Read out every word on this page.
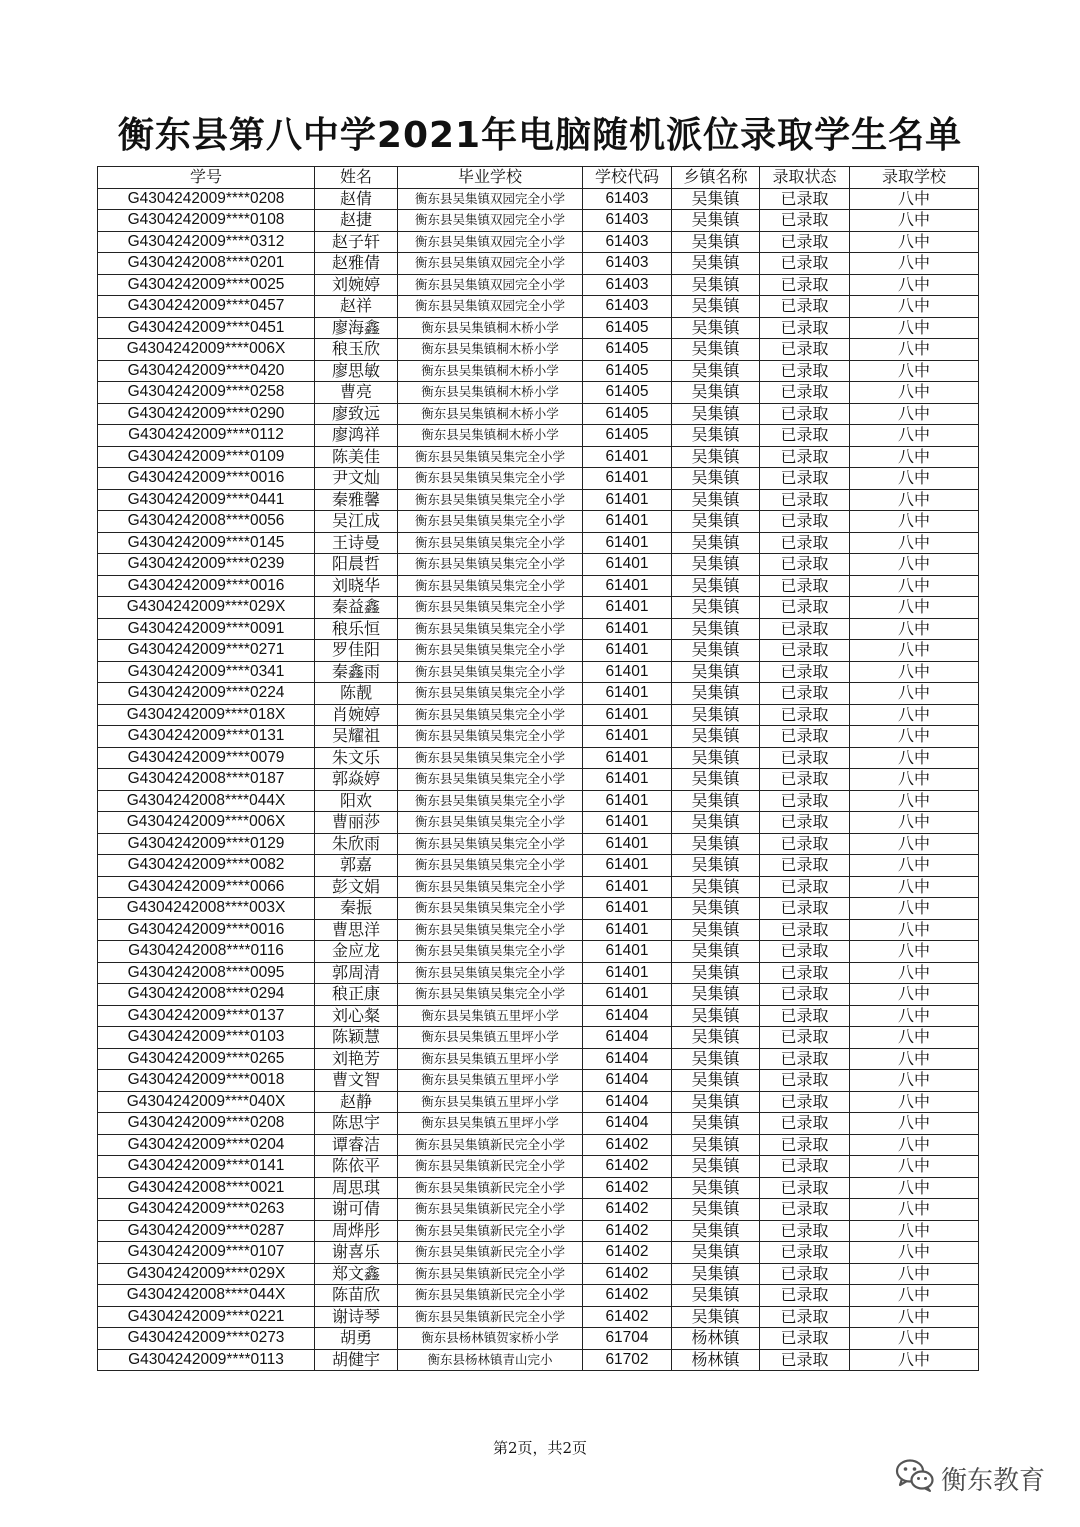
衡东县第八中学2021年电脑随机派位录取学生名单
学号	姓名	毕业学校	学校代码	乡镇名称	录取状态	录取学校
G4304242009****0208	赵倩	衡东县吴集镇双园完全小学	61403	吴集镇	已录取	八中
G4304242009****0108	赵捷	衡东县吴集镇双园完全小学	61403	吴集镇	已录取	八中
G4304242009****0312	赵子轩	衡东县吴集镇双园完全小学	61403	吴集镇	已录取	八中
G4304242008****0201	赵雅倩	衡东县吴集镇双园完全小学	61403	吴集镇	已录取	八中
G4304242009****0025	刘婉婷	衡东县吴集镇双园完全小学	61403	吴集镇	已录取	八中
G4304242009****0457	赵祥	衡东县吴集镇双园完全小学	61403	吴集镇	已录取	八中
G4304242009****0451	廖海鑫	衡东县吴集镇桐木桥小学	61405	吴集镇	已录取	八中
G4304242009****006X	稂玉欣	衡东县吴集镇桐木桥小学	61405	吴集镇	已录取	八中
G4304242009****0420	廖思敏	衡东县吴集镇桐木桥小学	61405	吴集镇	已录取	八中
G4304242009****0258	曹亮	衡东县吴集镇桐木桥小学	61405	吴集镇	已录取	八中
G4304242009****0290	廖致远	衡东县吴集镇桐木桥小学	61405	吴集镇	已录取	八中
G4304242009****0112	廖鸿祥	衡东县吴集镇桐木桥小学	61405	吴集镇	已录取	八中
G4304242009****0109	陈美佳	衡东县吴集镇吴集完全小学	61401	吴集镇	已录取	八中
G4304242009****0016	尹文灿	衡东县吴集镇吴集完全小学	61401	吴集镇	已录取	八中
G4304242009****0441	秦雅馨	衡东县吴集镇吴集完全小学	61401	吴集镇	已录取	八中
G4304242008****0056	吴江成	衡东县吴集镇吴集完全小学	61401	吴集镇	已录取	八中
G4304242009****0145	王诗曼	衡东县吴集镇吴集完全小学	61401	吴集镇	已录取	八中
G4304242009****0239	阳晨哲	衡东县吴集镇吴集完全小学	61401	吴集镇	已录取	八中
G4304242009****0016	刘晓华	衡东县吴集镇吴集完全小学	61401	吴集镇	已录取	八中
G4304242009****029X	秦益鑫	衡东县吴集镇吴集完全小学	61401	吴集镇	已录取	八中
G4304242009****0091	稂乐恒	衡东县吴集镇吴集完全小学	61401	吴集镇	已录取	八中
G4304242009****0271	罗佳阳	衡东县吴集镇吴集完全小学	61401	吴集镇	已录取	八中
G4304242009****0341	秦鑫雨	衡东县吴集镇吴集完全小学	61401	吴集镇	已录取	八中
G4304242009****0224	陈靓	衡东县吴集镇吴集完全小学	61401	吴集镇	已录取	八中
G4304242009****018X	肖婉婷	衡东县吴集镇吴集完全小学	61401	吴集镇	已录取	八中
G4304242009****0131	吴耀祖	衡东县吴集镇吴集完全小学	61401	吴集镇	已录取	八中
G4304242009****0079	朱文乐	衡东县吴集镇吴集完全小学	61401	吴集镇	已录取	八中
G4304242008****0187	郭焱婷	衡东县吴集镇吴集完全小学	61401	吴集镇	已录取	八中
G4304242008****044X	阳欢	衡东县吴集镇吴集完全小学	61401	吴集镇	已录取	八中
G4304242009****006X	曹丽莎	衡东县吴集镇吴集完全小学	61401	吴集镇	已录取	八中
G4304242009****0129	朱欣雨	衡东县吴集镇吴集完全小学	61401	吴集镇	已录取	八中
G4304242009****0082	郭嘉	衡东县吴集镇吴集完全小学	61401	吴集镇	已录取	八中
G4304242009****0066	彭文娟	衡东县吴集镇吴集完全小学	61401	吴集镇	已录取	八中
G4304242008****003X	秦振	衡东县吴集镇吴集完全小学	61401	吴集镇	已录取	八中
G4304242009****0016	曹思洋	衡东县吴集镇吴集完全小学	61401	吴集镇	已录取	八中
G4304242008****0116	金应龙	衡东县吴集镇吴集完全小学	61401	吴集镇	已录取	八中
G4304242008****0095	郭周清	衡东县吴集镇吴集完全小学	61401	吴集镇	已录取	八中
G4304242008****0294	稂正康	衡东县吴集镇吴集完全小学	61401	吴集镇	已录取	八中
G4304242009****0137	刘心粲	衡东县吴集镇五里坪小学	61404	吴集镇	已录取	八中
G4304242009****0103	陈颖慧	衡东县吴集镇五里坪小学	61404	吴集镇	已录取	八中
G4304242009****0265	刘艳芳	衡东县吴集镇五里坪小学	61404	吴集镇	已录取	八中
G4304242009****0018	曹文智	衡东县吴集镇五里坪小学	61404	吴集镇	已录取	八中
G4304242009****040X	赵静	衡东县吴集镇五里坪小学	61404	吴集镇	已录取	八中
G4304242009****0208	陈思宇	衡东县吴集镇五里坪小学	61404	吴集镇	已录取	八中
G4304242009****0204	谭睿洁	衡东县吴集镇新民完全小学	61402	吴集镇	已录取	八中
G4304242009****0141	陈依平	衡东县吴集镇新民完全小学	61402	吴集镇	已录取	八中
G4304242008****0021	周思琪	衡东县吴集镇新民完全小学	61402	吴集镇	已录取	八中
G4304242009****0263	谢可倩	衡东县吴集镇新民完全小学	61402	吴集镇	已录取	八中
G4304242009****0287	周烨彤	衡东县吴集镇新民完全小学	61402	吴集镇	已录取	八中
G4304242009****0107	谢喜乐	衡东县吴集镇新民完全小学	61402	吴集镇	已录取	八中
G4304242009****029X	郑文鑫	衡东县吴集镇新民完全小学	61402	吴集镇	已录取	八中
G4304242008****044X	陈苗欣	衡东县吴集镇新民完全小学	61402	吴集镇	已录取	八中
G4304242009****0221	谢诗琴	衡东县吴集镇新民完全小学	61402	吴集镇	已录取	八中
G4304242009****0273	胡勇	衡东县杨林镇贺家桥小学	61704	杨林镇	已录取	八中
G4304242009****0113	胡健宇	衡东县杨林镇青山完小	61702	杨林镇	已录取	八中
第2页，共2页
衡东教育
